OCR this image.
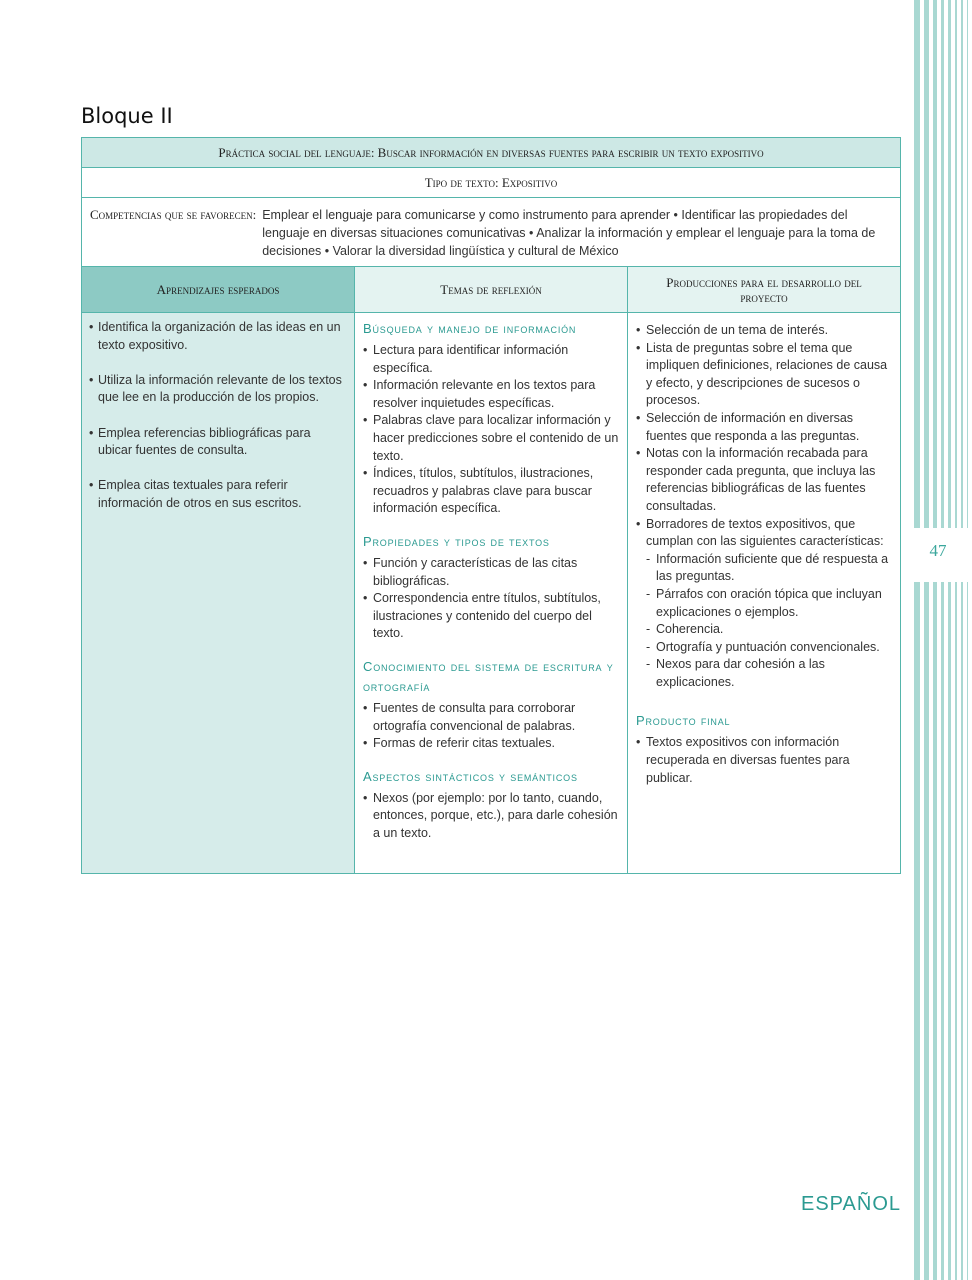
47
Bloque II
Práctica social del lenguaje: Buscar información en diversas fuentes para escribir un texto expositivo
Tipo de texto: Expositivo
Competencias que se favorecen: Emplear el lenguaje para comunicarse y como instrumento para aprender • Identificar las propiedades del lenguaje en diversas situaciones comunicativas • Analizar la información y emplear el lenguaje para la toma de decisiones • Valorar la diversidad lingüística y cultural de México
Aprendizajes esperados	Temas de reflexión	Producciones para el desarrollo del proyecto
• Identifica la organización de las ideas en un texto expositivo.
• Utiliza la información relevante de los textos que lee en la producción de los propios.
• Emplea referencias bibliográficas para ubicar fuentes de consulta.
• Emplea citas textuales para referir información de otros en sus escritos.
Búsqueda y manejo de información
• Lectura para identificar información específica.
• Información relevante en los textos para resolver inquietudes específicas.
• Palabras clave para localizar información y hacer predicciones sobre el contenido de un texto.
• Índices, títulos, subtítulos, ilustraciones, recuadros y palabras clave para buscar información específica.
Propiedades y tipos de textos
• Función y características de las citas bibliográficas.
• Correspondencia entre títulos, subtítulos, ilustraciones y contenido del cuerpo del texto.
Conocimiento del sistema de escritura y ortografía
• Fuentes de consulta para corroborar ortografía convencional de palabras.
• Formas de referir citas textuales.
Aspectos sintácticos y semánticos
• Nexos (por ejemplo: por lo tanto, cuando, entonces, porque, etc.), para darle cohesión a un texto.
• Selección de un tema de interés.
• Lista de preguntas sobre el tema que impliquen definiciones, relaciones de causa y efecto, y descripciones de sucesos o procesos.
• Selección de información en diversas fuentes que responda a las preguntas.
• Notas con la información recabada para responder cada pregunta, que incluya las referencias bibliográficas de las fuentes consultadas.
• Borradores de textos expositivos, que cumplan con las siguientes características:
- Información suficiente que dé respuesta a las preguntas.
- Párrafos con oración tópica que incluyan explicaciones o ejemplos.
- Coherencia.
- Ortografía y puntuación convencionales.
- Nexos para dar cohesión a las explicaciones.
Producto final
• Textos expositivos con información recuperada en diversas fuentes para publicar.
ESPAÑOL
